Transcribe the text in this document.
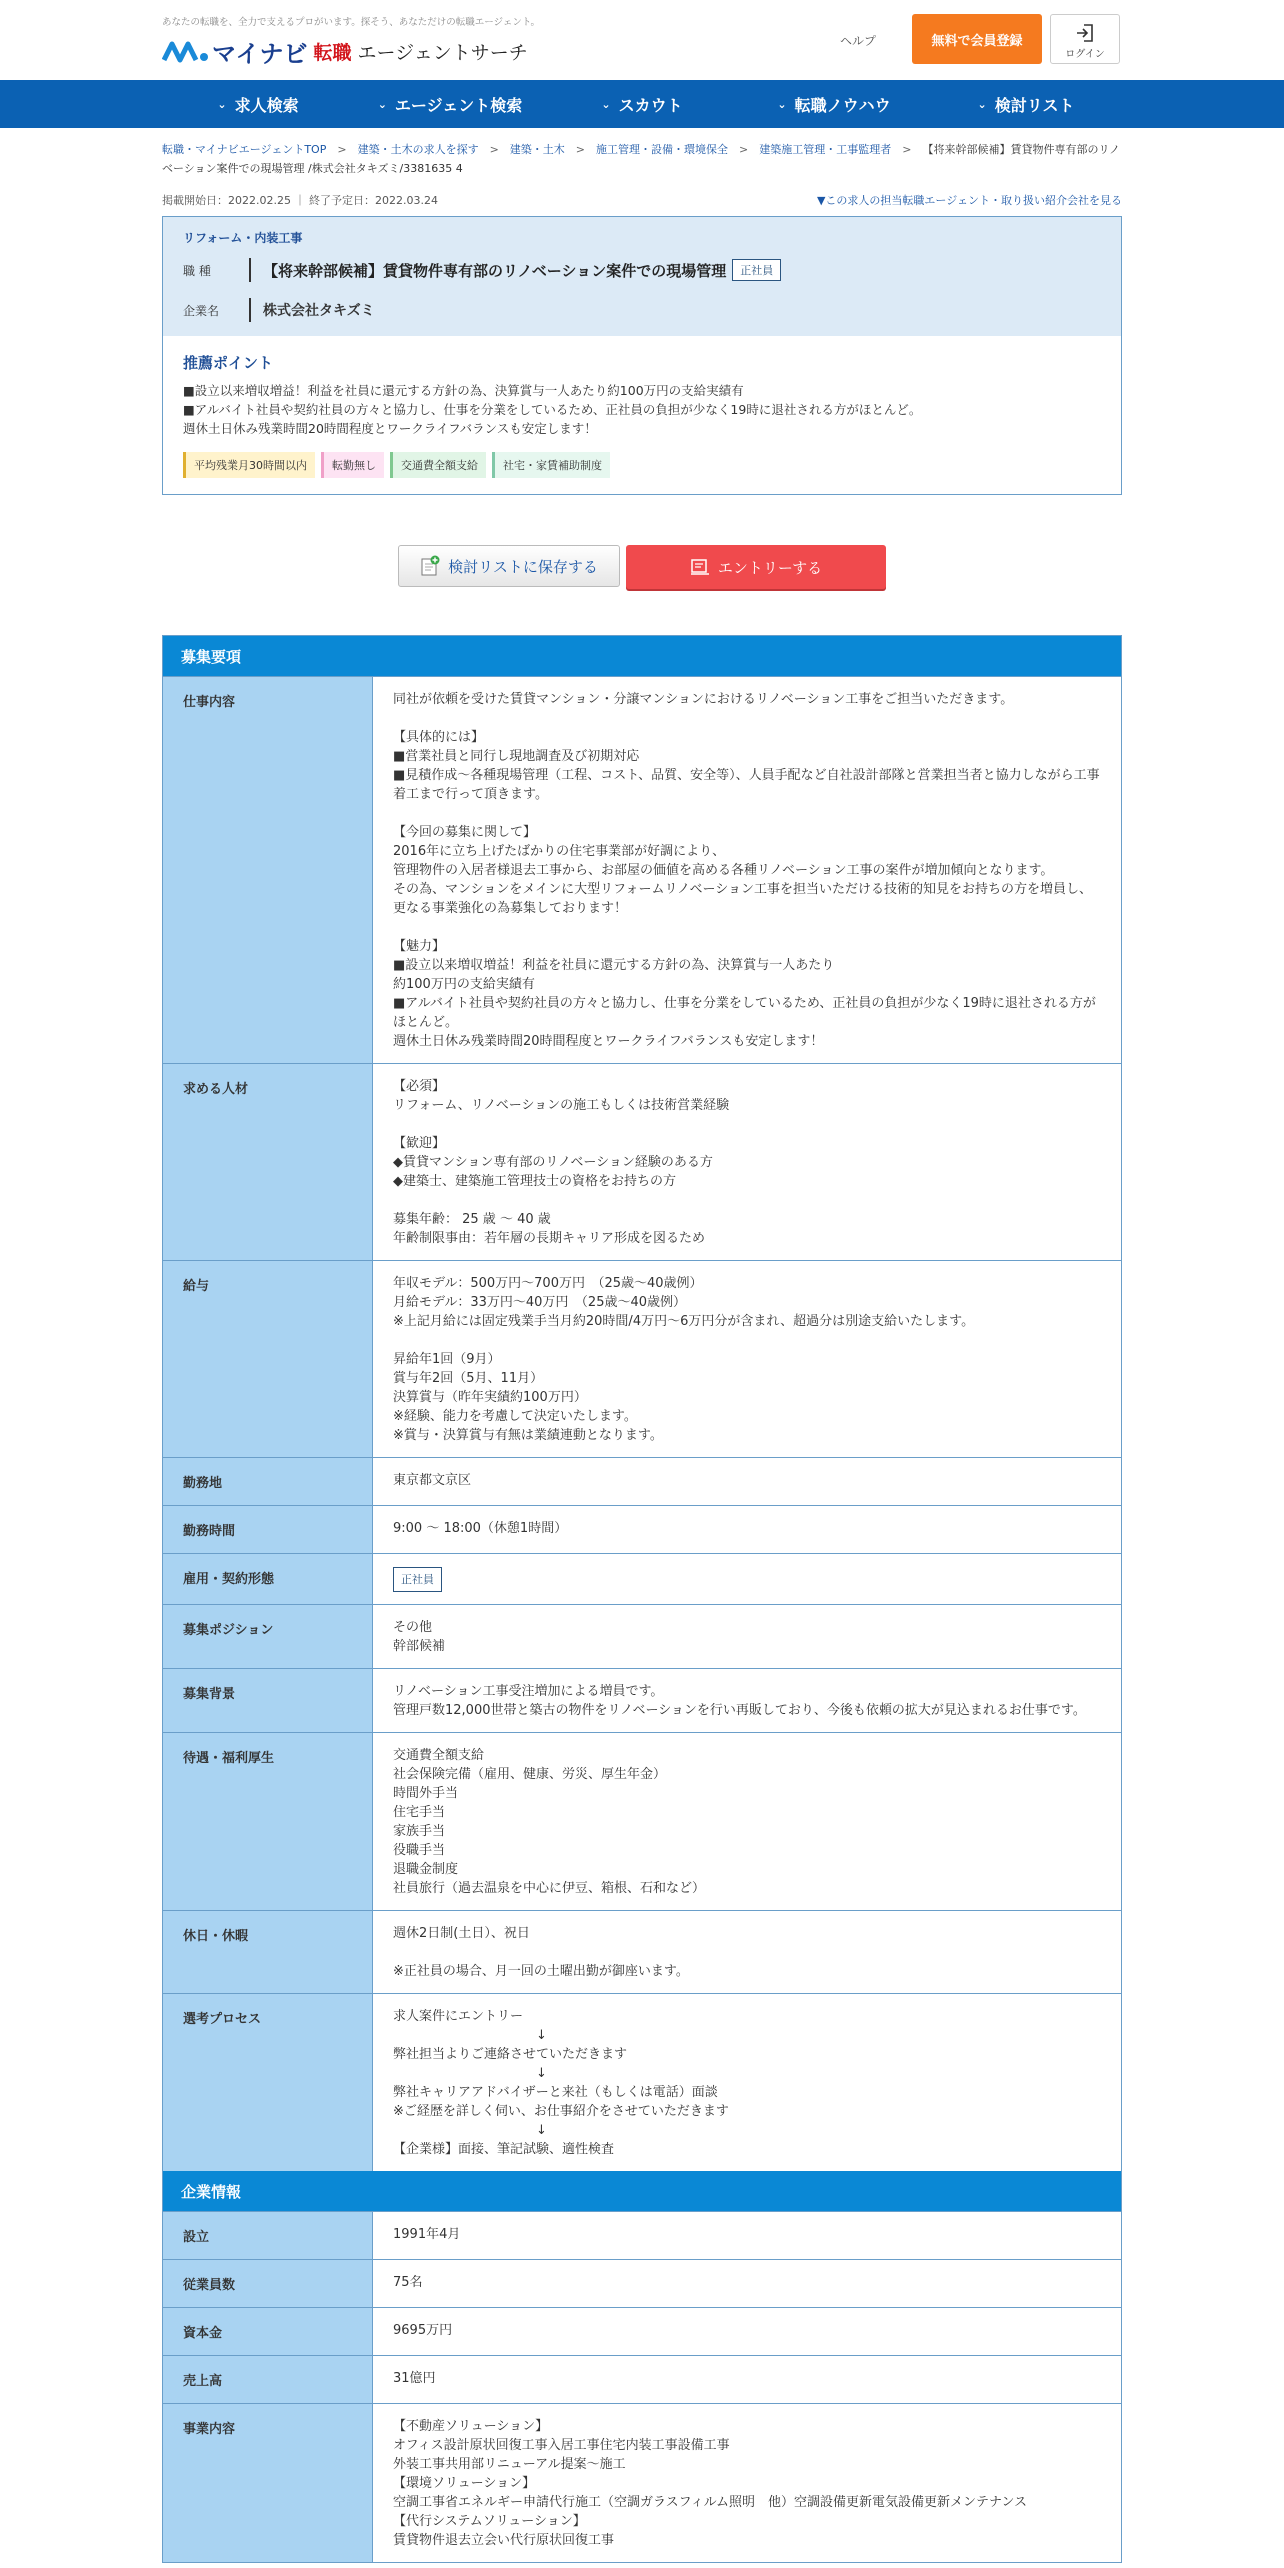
あなたの転職を、全力で支えるプロがいます。探そう、あなただけの転職エージェント。
マイナビ 転職 エージェントサーチ
ヘルプ	無料で会員登録
ログイン
⌄ 求人検索	⌄ エージェント検索	⌄ スカウト	⌄ 転職ノウハウ	⌄ 検討リスト
転職・マイナビエージェントTOP > 建築・土木の求人を探す > 建築・土木 > 施工管理・設備・環境保全 > 建築施工管理・工事監理者 > 【将来幹部候補】賃貸物件専有部のリノベーション案件での現場管理 /株式会社タキズミ/3381635 4
掲載開始日：2022.02.25 ｜ 終了予定日：2022.03.24	▼この求人の担当転職エージェント・取り扱い紹介会社を見る
リフォーム・内装工事
職 種	【将来幹部候補】賃貸物件専有部のリノベーション案件での現場管理	正社員
企業名	株式会社タキズミ
推薦ポイント
■設立以来増収増益！利益を社員に還元する方針の為、決算賞与一人あたり約100万円の支給実績有
■アルバイト社員や契約社員の方々と協力し、仕事を分業をしているため、正社員の負担が少なく19時に退社される方がほとんど。
週休土日休み残業時間20時間程度とワークライフバランスも安定します！
平均残業月30時間以内	転勤無し	交通費全額支給	社宅・家賃補助制度
検討リストに保存する	エントリーする
募集要項
仕事内容	同社が依頼を受けた賃貸マンション・分譲マンションにおけるリノベーション工事をご担当いただきます。

【具体的には】
■営業社員と同行し現地調査及び初期対応
■見積作成～各種現場管理（工程、コスト、品質、安全等）、人員手配など自社設計部隊と営業担当者と協力しながら工事着工まで行って頂きます。

【今回の募集に関して】
2016年に立ち上げたばかりの住宅事業部が好調により、
管理物件の入居者様退去工事から、お部屋の価値を高める各種リノベーション工事の案件が増加傾向となります。
その為、マンションをメインに大型リフォームリノベーション工事を担当いただける技術的知見をお持ちの方を増員し、更なる事業強化の為募集しております！

【魅力】
■設立以来増収増益！利益を社員に還元する方針の為、決算賞与一人あたり
約100万円の支給実績有
■アルバイト社員や契約社員の方々と協力し、仕事を分業をしているため、正社員の負担が少なく19時に退社される方がほとんど。
週休土日休み残業時間20時間程度とワークライフバランスも安定します！
求める人材	【必須】
リフォーム、リノベーションの施工もしくは技術営業経験

【歓迎】
◆賃貸マンション専有部のリノベーション経験のある方
◆建築士、建築施工管理技士の資格をお持ちの方

募集年齢： 25 歳 ～ 40 歳
年齢制限事由：若年層の長期キャリア形成を図るため
給与	年収モデル：500万円～700万円　（25歳～40歳例）
月給モデル：33万円～40万円　（25歳～40歳例）
※上記月給には固定残業手当月約20時間/4万円～6万円分が含まれ、超過分は別途支給いたします。

昇給年1回（9月）
賞与年2回（5月、11月）
決算賞与（昨年実績約100万円）
※経験、能力を考慮して決定いたします。
※賞与・決算賞与有無は業績連動となります。
勤務地	東京都文京区
勤務時間	9:00 ～ 18:00（休憩1時間）
雇用・契約形態	正社員
募集ポジション	その他
幹部候補
募集背景	リノベーション工事受注増加による増員です。
管理戸数12,000世帯と築古の物件をリノベーションを行い再販しており、今後も依頼の拡大が見込まれるお仕事です。
待遇・福利厚生	交通費全額支給
社会保険完備（雇用、健康、労災、厚生年金）
時間外手当
住宅手当
家族手当
役職手当
退職金制度
社員旅行（過去温泉を中心に伊豆、箱根、石和など）
休日・休暇	週休2日制(土日）、祝日

※正社員の場合、月一回の土曜出勤が御座います。
選考プロセス	求人案件にエントリー
　　　　　　　　　　　↓
弊社担当よりご連絡させていただきます
　　　　　　　　　　　↓
弊社キャリアアドバイザーと来社（もしくは電話）面談
※ご経歴を詳しく伺い、お仕事紹介をさせていただきます
　　　　　　　　　　　↓
【企業様】面接、筆記試験、適性検査
企業情報
設立	1991年4月
従業員数	75名
資本金	9695万円
売上高	31億円
事業内容	【不動産ソリューション】
オフィス設計原状回復工事入居工事住宅内装工事設備工事
外装工事共用部リニューアル提案～施工
【環境ソリューション】
空調工事省エネルギー申請代行施工（空調ガラスフィルム照明　他）空調設備更新電気設備更新メンテナンス
【代行システムソリューション】
賃貸物件退去立会い代行原状回復工事
